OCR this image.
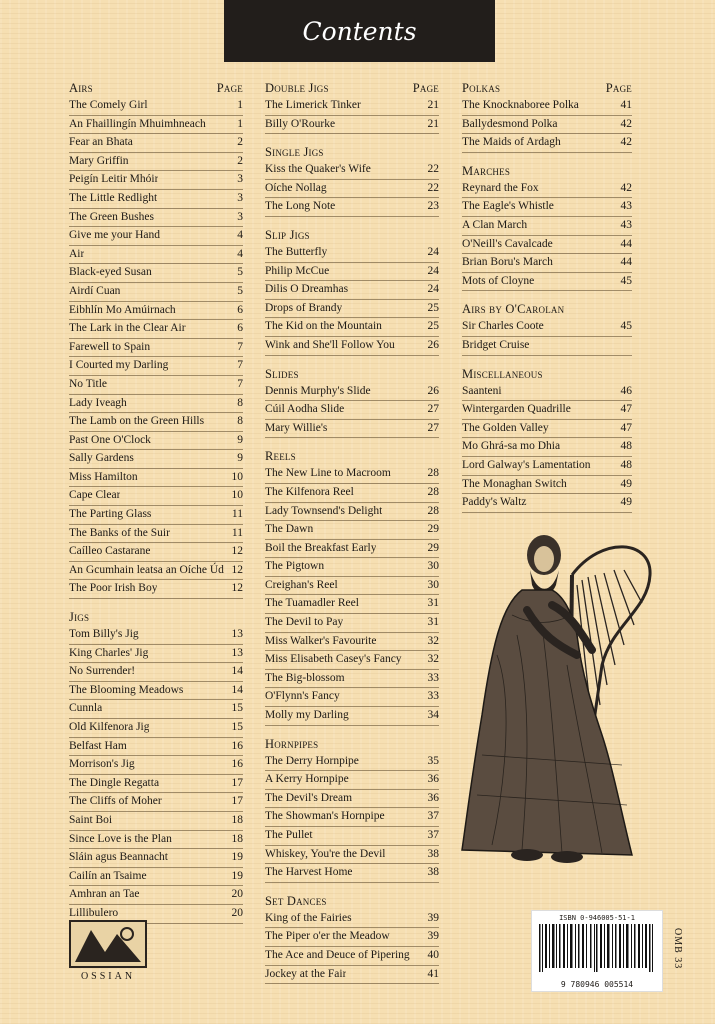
Contents
Airs	Page
The Comely Girl	1
An Fhaillingín Mhuimhneach	1
Fear an Bhata	2
Mary Griffin	2
Peigín Leitir Mhóir	3
The Little Redlight	3
The Green Bushes	3
Give me your Hand	4
Air	4
Black-eyed Susan	5
Airdí Cuan	5
Eibhlín Mo Amúirnach	6
The Lark in the Clear Air	6
Farewell to Spain	7
I Courted my Darling	7
No Title	7
Lady Iveagh	8
The Lamb on the Green Hills	8
Past One O'Clock	9
Sally Gardens	9
Miss Hamilton	10
Cape Clear	10
The Parting Glass	11
The Banks of the Suir	11
Caílleo Castarane	12
An Gcumhain leatsa an Oíche Úd 12
The Poor Irish Boy	12
Jigs
Tom Billy's Jig	13
King Charles' Jig	13
No Surrender!	14
The Blooming Meadows	14
Cunnla	15
Old Kilfenora Jig	15
Belfast Ham	16
Morrison's Jig	16
The Dingle Regatta	17
The Cliffs of Moher	17
Saint Boi	18
Since Love is the Plan	18
Sláin agus Beannacht	19
Cailín an Tsaime	19
Amhran an Tae	20
Lillibulero	20
Double Jigs	Page
The Limerick Tinker	21
Billy O'Rourke	21
Single Jigs
Kiss the Quaker's Wife	22
Oíche Nollag	22
The Long Note	23
Slip Jigs
The Butterfly	24
Philip McCue	24
Dilis O Dreamhas	24
Drops of Brandy	25
The Kid on the Mountain	25
Wink and She'll Follow You	26
Slides
Dennis Murphy's Slide	26
Cúil Aodha Slide	27
Mary Willie's	27
Reels
The New Line to Macroom	28
The Kilfenora Reel	28
Lady Townsend's Delight	28
The Dawn	29
Boil the Breakfast Early	29
The Pigtown	30
Creighan's Reel	30
The Tuamadler Reel	31
The Devil to Pay	31
Miss Walker's Favourite	32
Miss Elisabeth Casey's Fancy	32
The Big-blossom	33
O'Flynn's Fancy	33
Molly my Darling	34
Hornpipes
The Derry Hornpipe	35
A Kerry Hornpipe	36
The Devil's Dream	36
The Showman's Hornpipe	37
The Pullet	37
Whiskey, You're the Devil	38
The Harvest Home	38
Set Dances
King of the Fairies	39
The Piper o'er the Meadow	39
The Ace and Deuce of Pipering	40
Jockey at the Fair	41
Polkas	Page
The Knocknaboree Polka	41
Ballydesmond Polka	42
The Maids of Ardagh	42
Marches
Reynard the Fox	42
The Eagle's Whistle	43
A Clan March	43
O'Neill's Cavalcade	44
Brian Boru's March	44
Mots of Cloyne	45
Airs by O'Carolan
Sir Charles Coote	45
Bridget Cruise
Miscellaneous
Saanteni	46
Wintergarden Quadrille	47
The Golden Valley	47
Mo Ghrá-sa mo Dhia	48
Lord Galway's Lamentation	48
The Monaghan Switch	49
Paddy's Waltz	49
OSSIAN
ISBN 0-946005-51-1
9 780946 005514
OMB 33
